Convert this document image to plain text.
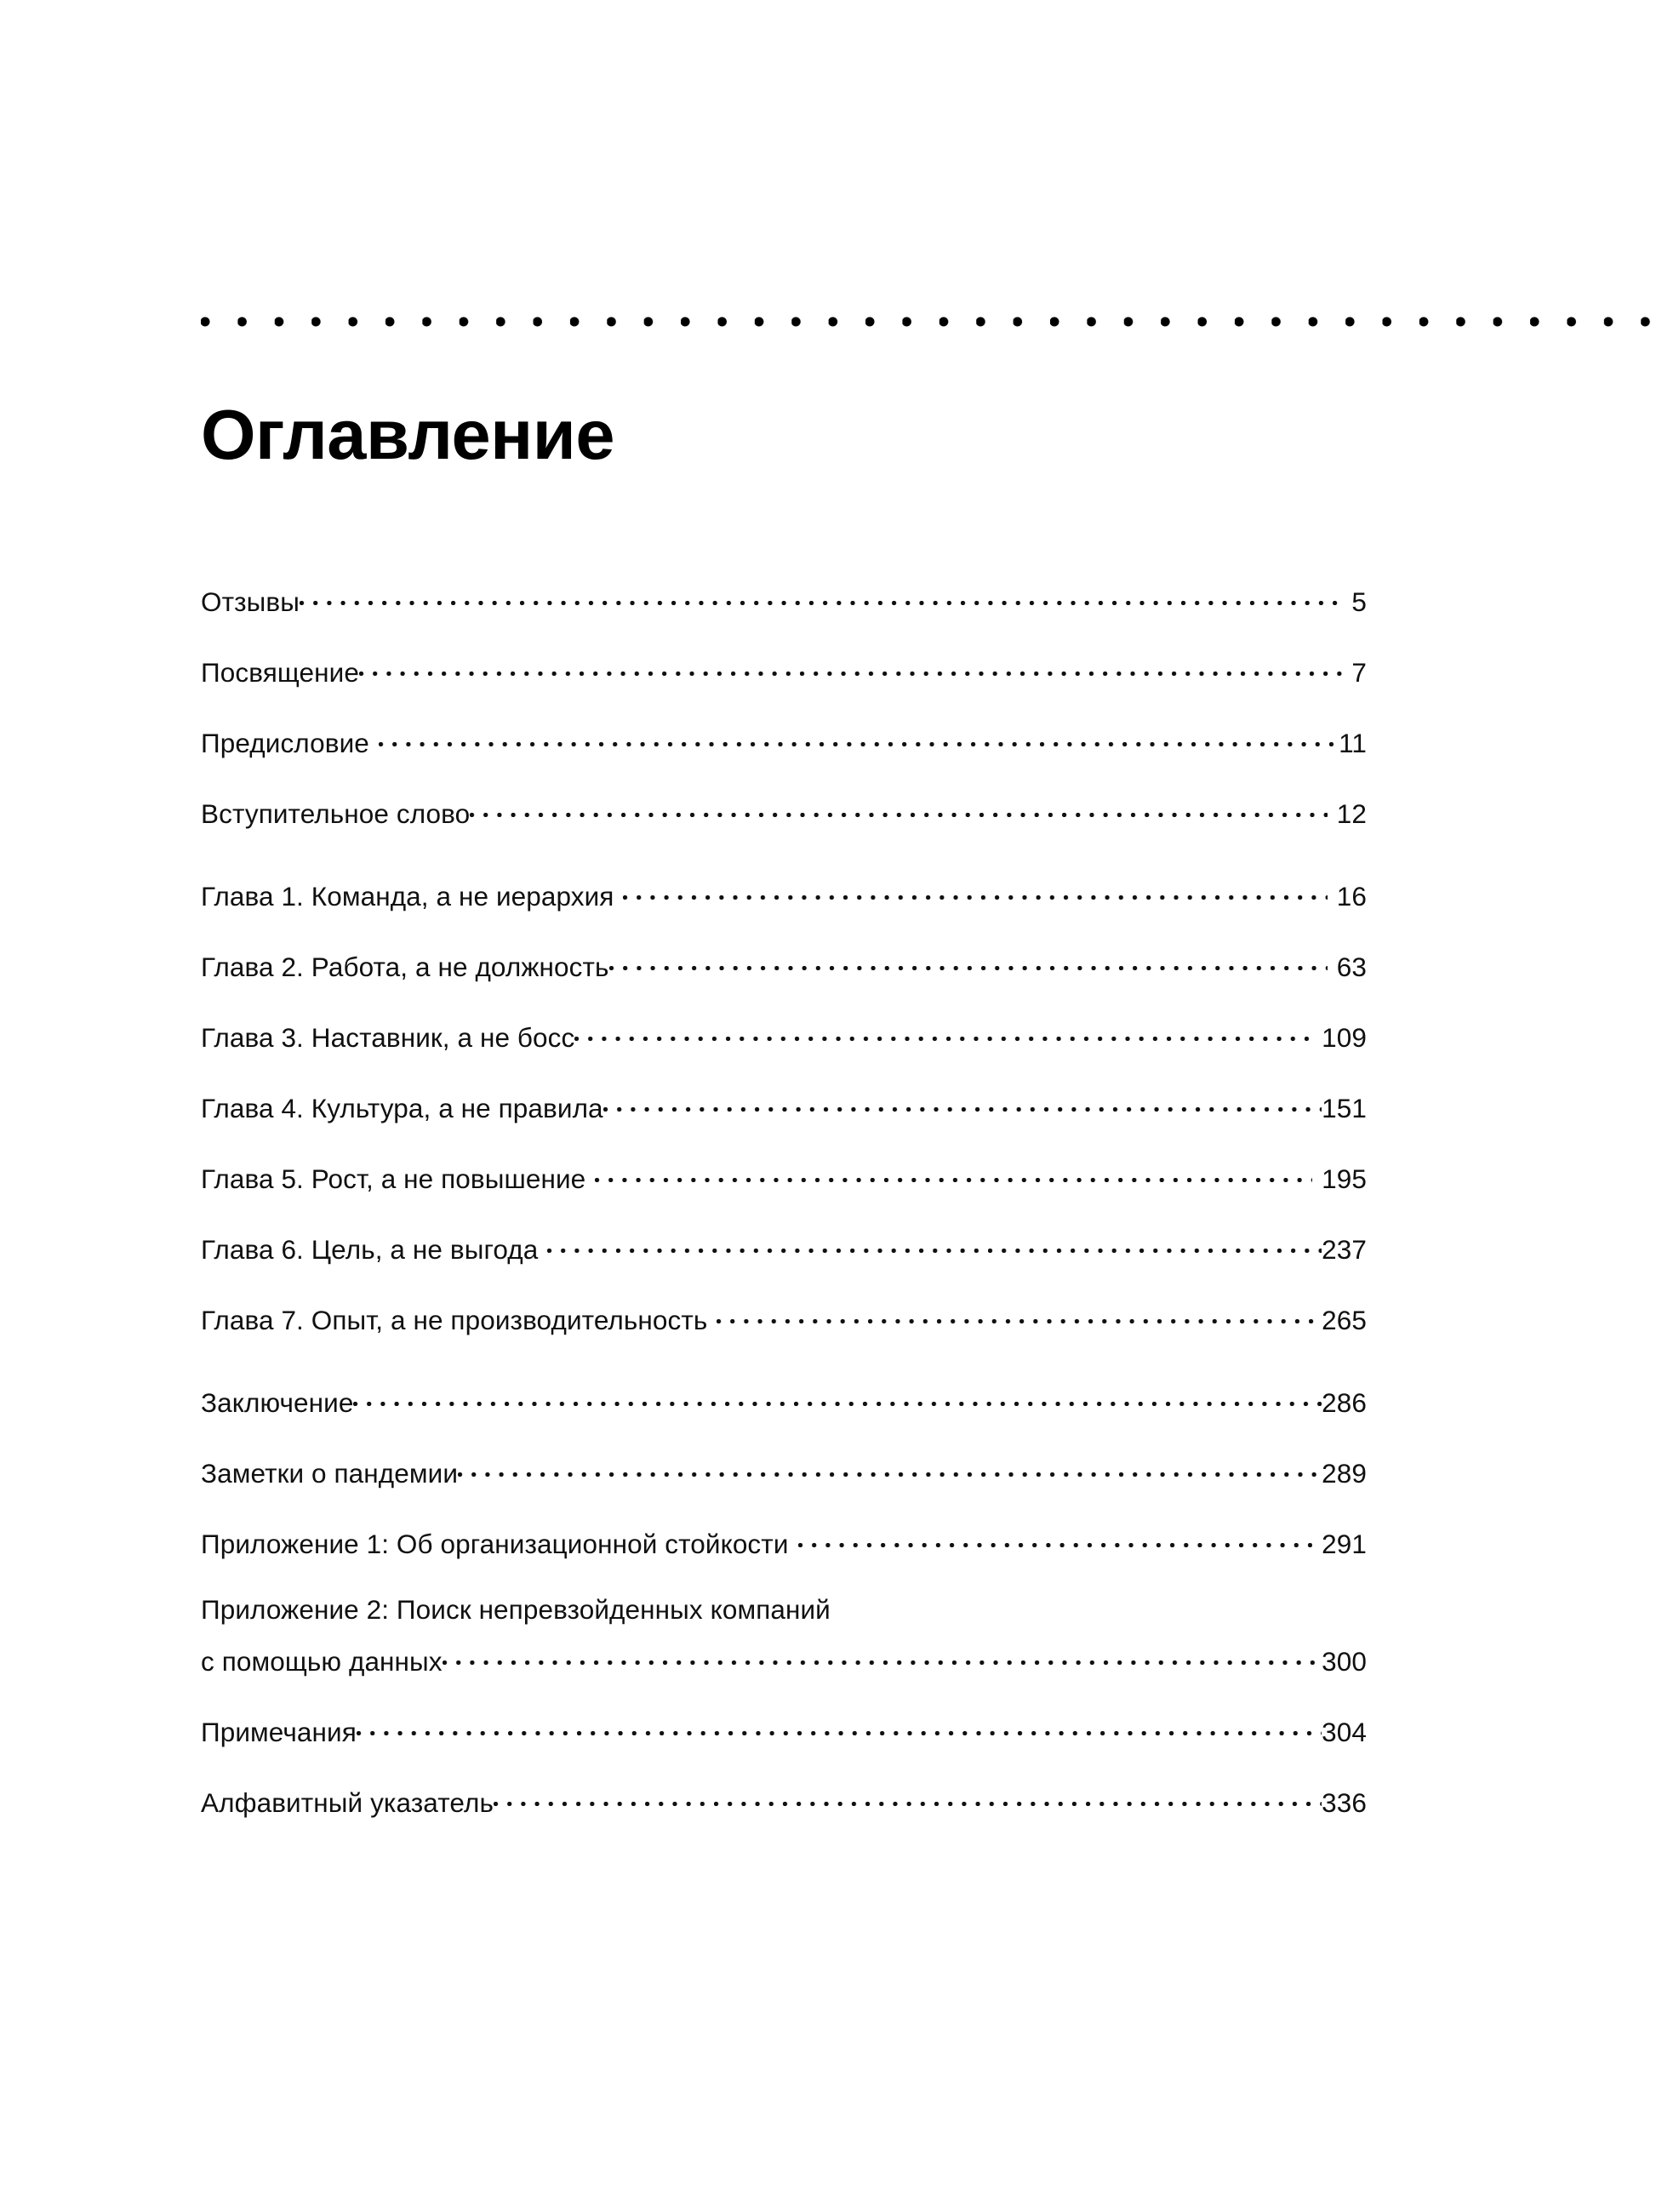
Оглавление
Отзывы	5
Посвящение	7
Предисловие	11
Вступительное слово	12
Глава 1. Команда, а не иерархия	16
Глава 2. Работа, а не должность	63
Глава 3. Наставник, а не босс	109
Глава 4. Культура, а не правила	151
Глава 5. Рост, а не повышение	195
Глава 6. Цель, а не выгода	237
Глава 7. Опыт, а не производительность	265
Заключение	286
Заметки о пандемии	289
Приложение 1: Об организационной стойкости	291
Приложение 2: Поиск непревзойденных компаний
с помощью данных	300
Примечания	304
Алфавитный указатель	336
